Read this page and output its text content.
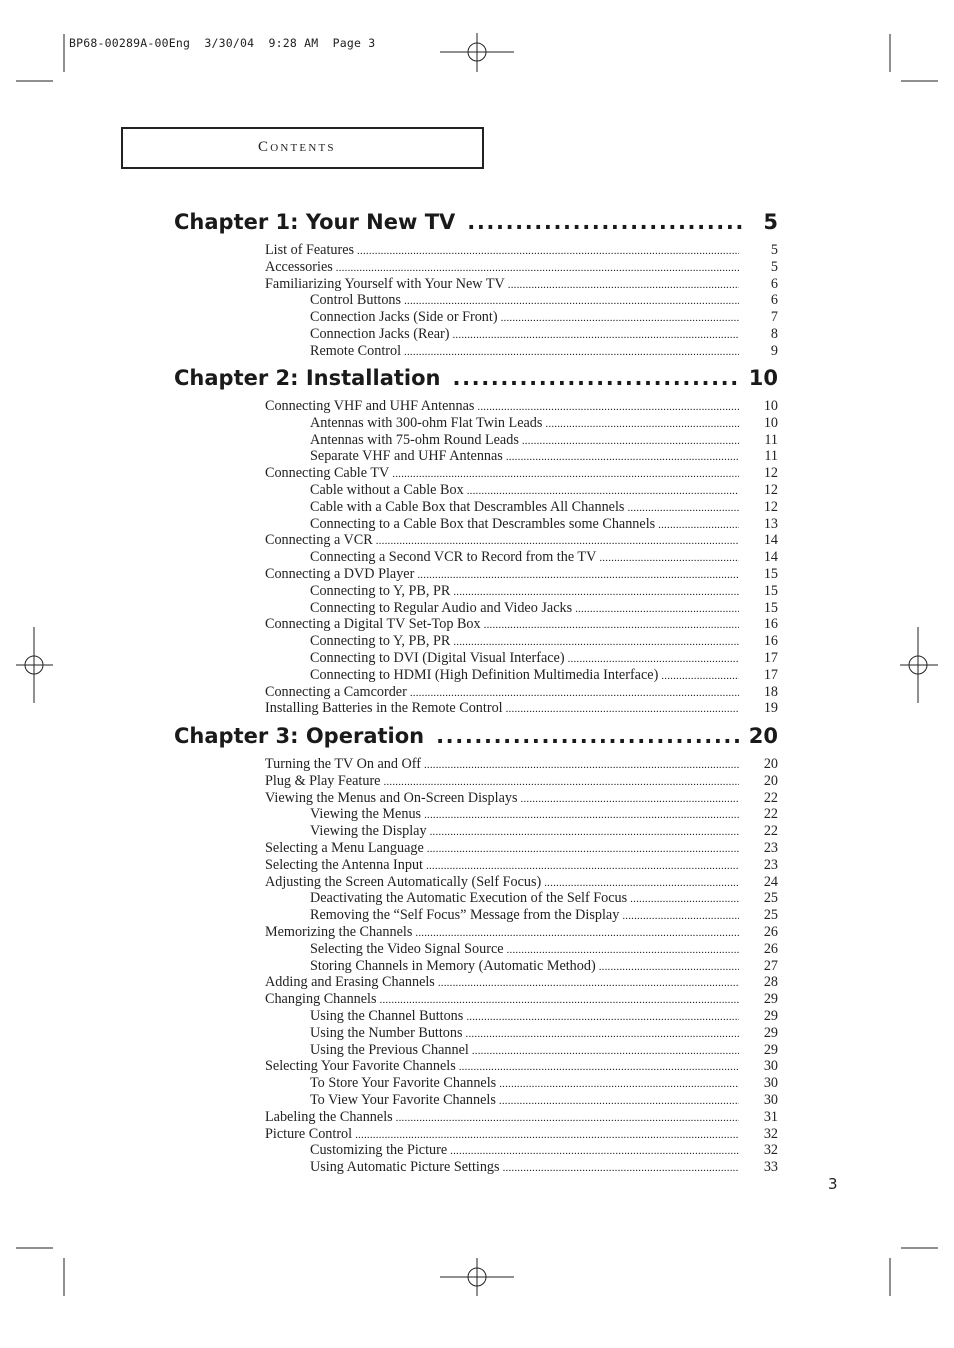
BP68-00289A-00Eng  3/30/04  9:28 AM  Page 3
Contents
Chapter 1: Your New TV .....	5
List of Features .....	5
Accessories .....	5
Familiarizing Yourself with Your New TV .....	6
Control Buttons .....	6
Connection Jacks (Side or Front) .....	7
Connection Jacks (Rear) .....	8
Remote Control .....	9
Chapter 2: Installation .....	10
Connecting VHF and UHF Antennas .....	10
Antennas with 300-ohm Flat Twin Leads .....	10
Antennas with 75-ohm Round Leads .....	11
Separate VHF and UHF Antennas .....	11
Connecting Cable TV .....	12
Cable without a Cable Box .....	12
Cable with a Cable Box that Descrambles All Channels .....	12
Connecting to a Cable Box that Descrambles some Channels .....	13
Connecting a VCR .....	14
Connecting a Second VCR to Record from the TV .....	14
Connecting a DVD Player .....	15
Connecting to Y, PB, PR .....	15
Connecting to Regular Audio and Video Jacks .....	15
Connecting a Digital TV Set-Top Box .....	16
Connecting to Y, PB, PR .....	16
Connecting to DVI (Digital Visual Interface) .....	17
Connecting to HDMI (High Definition Multimedia Interface) .....	17
Connecting a Camcorder .....	18
Installing Batteries in the Remote Control .....	19
Chapter 3: Operation .....	20
Turning the TV On and Off .....	20
Plug & Play Feature .....	20
Viewing the Menus and On-Screen Displays .....	22
Viewing the Menus .....	22
Viewing the Display .....	22
Selecting a Menu Language .....	23
Selecting the Antenna Input .....	23
Adjusting the Screen Automatically (Self Focus) .....	24
Deactivating the Automatic Execution of the Self Focus .....	25
Removing the “Self Focus” Message from the Display .....	25
Memorizing the Channels .....	26
Selecting the Video Signal Source .....	26
Storing Channels in Memory (Automatic Method) .....	27
Adding and Erasing Channels .....	28
Changing Channels .....	29
Using the Channel Buttons .....	29
Using the Number Buttons .....	29
Using the Previous Channel .....	29
Selecting Your Favorite Channels .....	30
To Store Your Favorite Channels .....	30
To View Your Favorite Channels .....	30
Labeling the Channels .....	31
Picture Control .....	32
Customizing the Picture .....	32
Using Automatic Picture Settings .....	33
3
